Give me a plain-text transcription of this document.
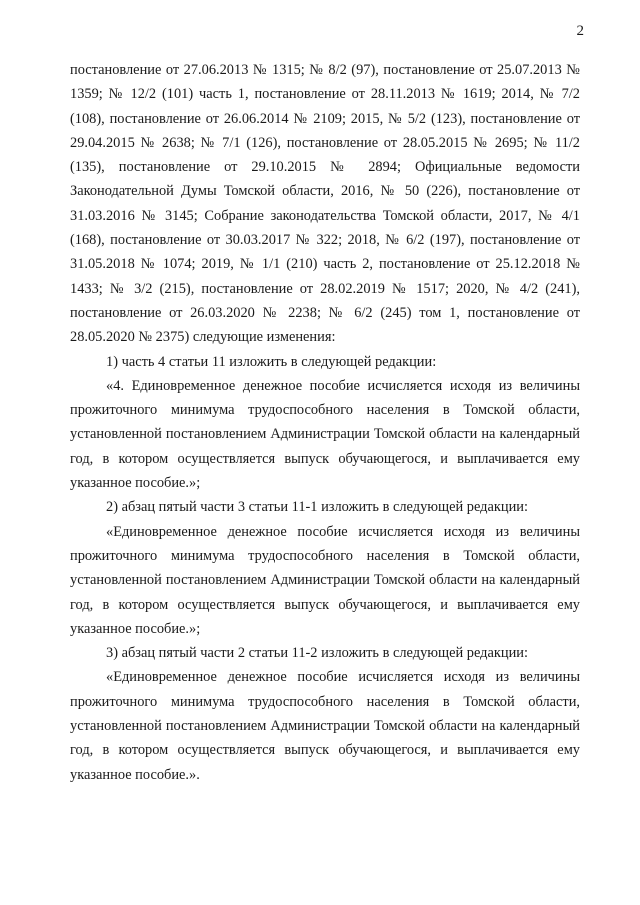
2

постановление от 27.06.2013 № 1315; № 8/2 (97), постановление от 25.07.2013 № 1359; № 12/2 (101) часть 1, постановление от 28.11.2013 № 1619; 2014, № 7/2 (108), постановление от 26.06.2014 № 2109; 2015, № 5/2 (123), постановление от 29.04.2015 № 2638; № 7/1 (126), постановление от 28.05.2015 № 2695; № 11/2 (135), постановление от 29.10.2015 № 2894; Официальные ведомости Законодательной Думы Томской области, 2016, № 50 (226), постановление от 31.03.2016 № 3145; Собрание законодательства Томской области, 2017, № 4/1 (168), постановление от 30.03.2017 № 322; 2018, № 6/2 (197), постановление от 31.05.2018 № 1074; 2019, № 1/1 (210) часть 2, постановление от 25.12.2018 № 1433; № 3/2 (215), постановление от 28.02.2019 № 1517; 2020, № 4/2 (241), постановление от 26.03.2020 № 2238; № 6/2 (245) том 1, постановление от 28.05.2020 № 2375) следующие изменения:

1) часть 4 статьи 11 изложить в следующей редакции:

«4. Единовременное денежное пособие исчисляется исходя из величины прожиточного минимума трудоспособного населения в Томской области, установленной постановлением Администрации Томской области на календарный год, в котором осуществляется выпуск обучающегося, и выплачивается ему указанное пособие.»;

2) абзац пятый части 3 статьи 11-1 изложить в следующей редакции:

«Единовременное денежное пособие исчисляется исходя из величины прожиточного минимума трудоспособного населения в Томской области, установленной постановлением Администрации Томской области на календарный год, в котором осуществляется выпуск обучающегося, и выплачивается ему указанное пособие.»;

3) абзац пятый части 2 статьи 11-2 изложить в следующей редакции:

«Единовременное денежное пособие исчисляется исходя из величины прожиточного минимума трудоспособного населения в Томской области, установленной постановлением Администрации Томской области на календарный год, в котором осуществляется выпуск обучающегося, и выплачивается ему указанное пособие.».
